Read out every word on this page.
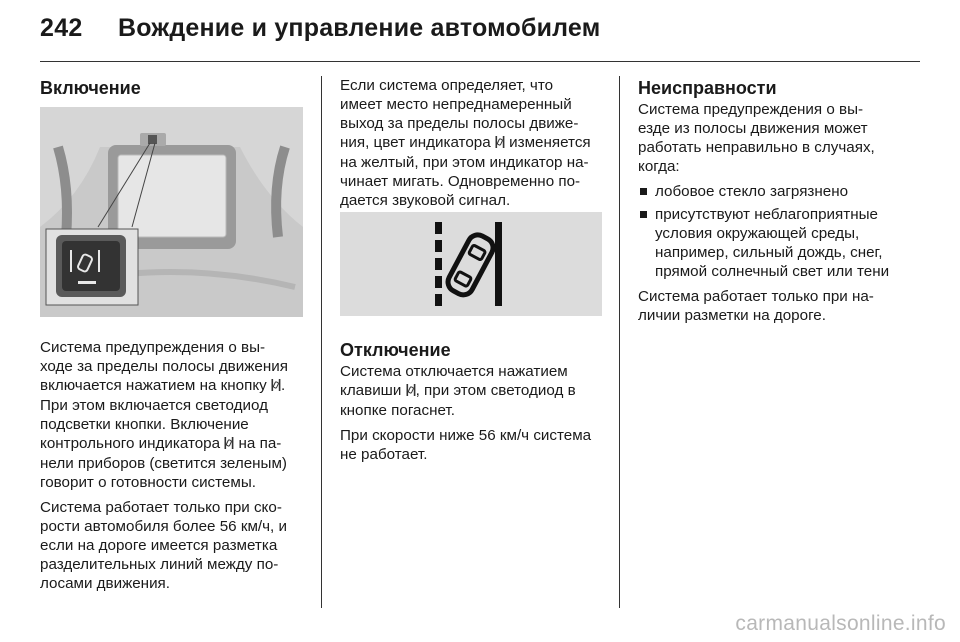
242 Вождение и управление автомобилем
Включение

Система предупреждения о вы-
ходе за пределы полосы движения
включается нажатием на кнопку .
При этом включается светодиод
подсветки кнопки. Включение
контрольного индикатора на па-
нели приборов (светится зеленым)
говорит о готовности системы.

Система работает только при ско-
рости автомобиля более 56 км/ч, и
если на дороге имеется разметка
разделительных линий между по-
лосами движения.

Если система определяет, что
имеет место непреднамеренный
выход за пределы полосы движе-
ния, цвет индикатора изменяется
на желтый, при этом индикатор на-
чинает мигать. Одновременно по-
дается звуковой сигнал.

Отключение

Система отключается нажатием
клавиши , при этом светодиод в
кнопке погаснет.

При скорости ниже 56 км/ч система
не работает.

Неисправности

Система предупреждения о вы-
езде из полосы движения может
работать неправильно в случаях,
когда:

лобовое стекло загрязнено
присутствуют неблагоприятные
условия окружающей среды,
например, сильный дождь, снег,
прямой солнечный свет или тени

Система работает только при на-
личии разметки на дороге.

carmanualsonline.info
